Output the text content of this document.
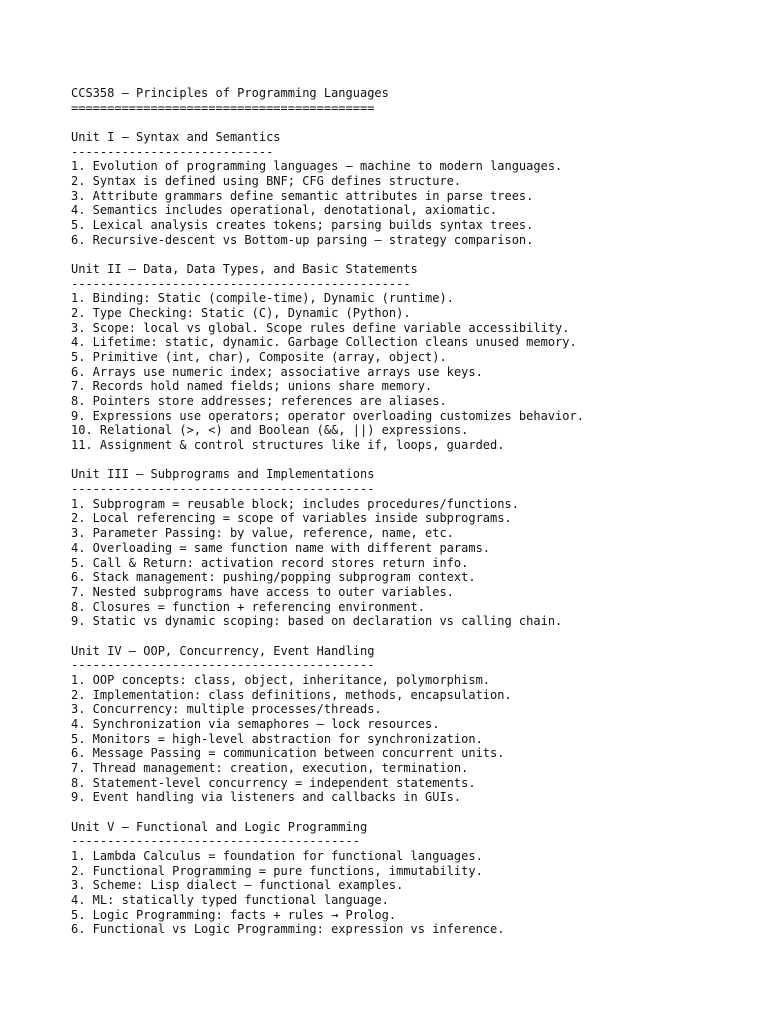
CCS358 – Principles of Programming Languages
==========================================
Unit I – Syntax and Semantics
----------------------------
1. Evolution of programming languages – machine to modern languages.
2. Syntax is defined using BNF; CFG defines structure.
3. Attribute grammars define semantic attributes in parse trees.
4. Semantics includes operational, denotational, axiomatic.
5. Lexical analysis creates tokens; parsing builds syntax trees.
6. Recursive-descent vs Bottom-up parsing – strategy comparison.
Unit II – Data, Data Types, and Basic Statements
-----------------------------------------------
1. Binding: Static (compile-time), Dynamic (runtime).
2. Type Checking: Static (C), Dynamic (Python).
3. Scope: local vs global. Scope rules define variable accessibility.
4. Lifetime: static, dynamic. Garbage Collection cleans unused memory.
5. Primitive (int, char), Composite (array, object).
6. Arrays use numeric index; associative arrays use keys.
7. Records hold named fields; unions share memory.
8. Pointers store addresses; references are aliases.
9. Expressions use operators; operator overloading customizes behavior.
10. Relational (>, <) and Boolean (&&, ||) expressions.
11. Assignment & control structures like if, loops, guarded.
Unit III – Subprograms and Implementations
------------------------------------------
1. Subprogram = reusable block; includes procedures/functions.
2. Local referencing = scope of variables inside subprograms.
3. Parameter Passing: by value, reference, name, etc.
4. Overloading = same function name with different params.
5. Call & Return: activation record stores return info.
6. Stack management: pushing/popping subprogram context.
7. Nested subprograms have access to outer variables.
8. Closures = function + referencing environment.
9. Static vs dynamic scoping: based on declaration vs calling chain.
Unit IV – OOP, Concurrency, Event Handling
------------------------------------------
1. OOP concepts: class, object, inheritance, polymorphism.
2. Implementation: class definitions, methods, encapsulation.
3. Concurrency: multiple processes/threads.
4. Synchronization via semaphores – lock resources.
5. Monitors = high-level abstraction for synchronization.
6. Message Passing = communication between concurrent units.
7. Thread management: creation, execution, termination.
8. Statement-level concurrency = independent statements.
9. Event handling via listeners and callbacks in GUIs.
Unit V – Functional and Logic Programming
----------------------------------------
1. Lambda Calculus = foundation for functional languages.
2. Functional Programming = pure functions, immutability.
3. Scheme: Lisp dialect – functional examples.
4. ML: statically typed functional language.
5. Logic Programming: facts + rules → Prolog.
6. Functional vs Logic Programming: expression vs inference.
